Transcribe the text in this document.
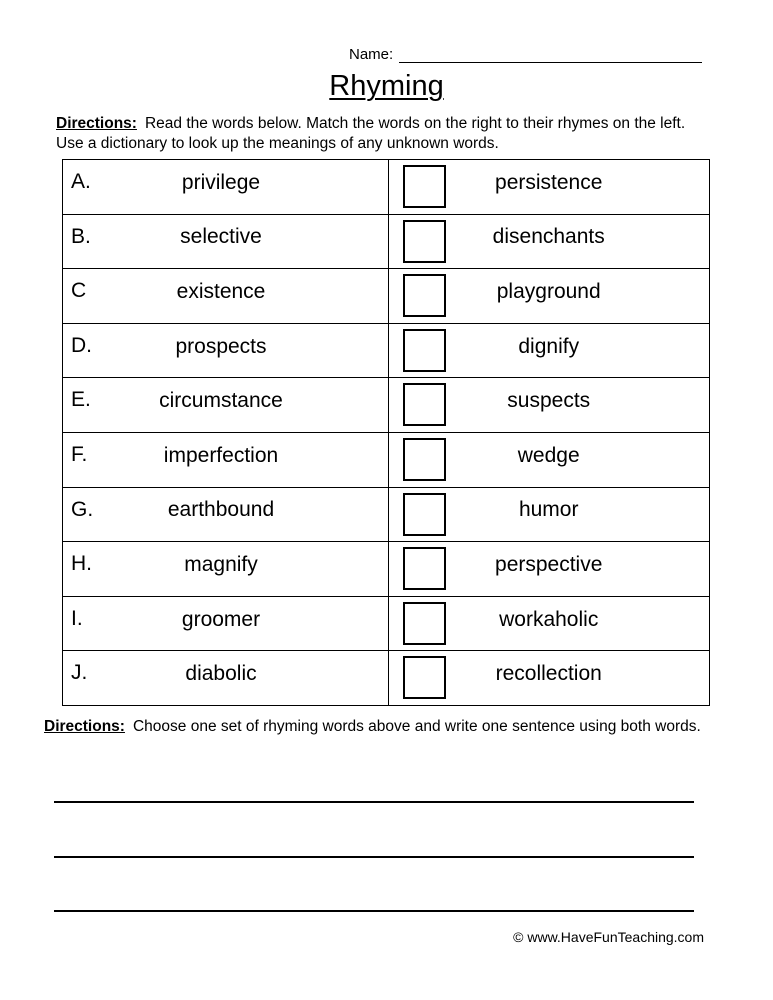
Name:
Rhyming
Directions: Read the words below. Match the words on the right to their rhymes on the left. Use a dictionary to look up the meanings of any unknown words.
A. privilege	persistence

B. selective	disenchants

C existence	playground

D. prospects	dignify

E. circumstance	suspects

F. imperfection	wedge

G. earthbound	humor

H. magnify	perspective

I. groomer	workaholic

J. diabolic	recollection
Directions: Choose one set of rhyming words above and write one sentence using both words.
© www.HaveFunTeaching.com
